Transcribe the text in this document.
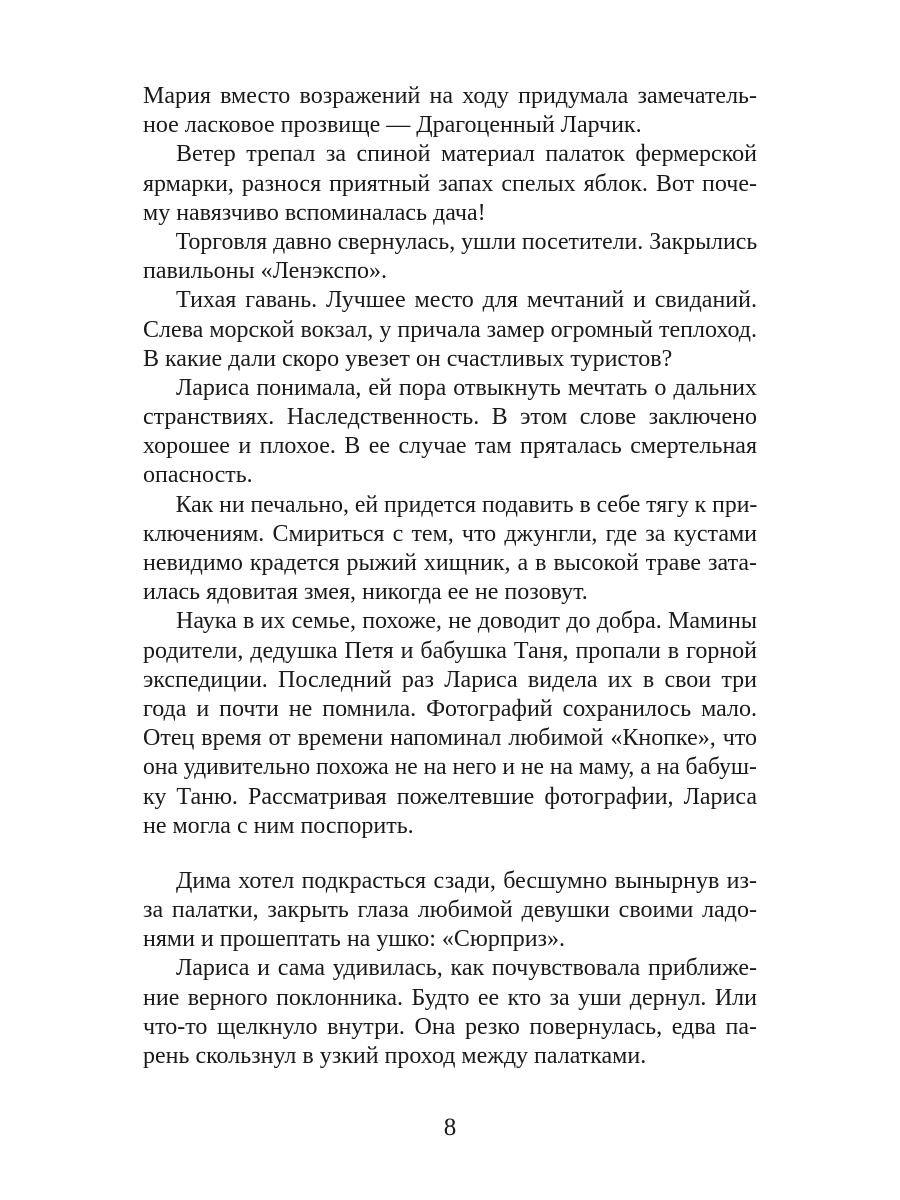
Мария вместо возражений на ходу придумала замечатель-
ное ласковое прозвище — Драгоценный Ларчик.
Ветер трепал за спиной материал палаток фермерской
ярмарки, разнося приятный запах спелых яблок. Вот поче-
му навязчиво вспоминалась дача!
Торговля давно свернулась, ушли посетители. Закрылись
павильоны «Ленэкспо».
Тихая гавань. Лучшее место для мечтаний и свиданий.
Слева морской вокзал, у причала замер огромный теплоход.
В какие дали скоро увезет он счастливых туристов?
Лариса понимала, ей пора отвыкнуть мечтать о дальних
странствиях. Наследственность. В этом слове заключено
хорошее и плохое. В ее случае там пряталась смертельная
опасность.
Как ни печально, ей придется подавить в себе тягу к при-
ключениям. Смириться с тем, что джунгли, где за кустами
невидимо крадется рыжий хищник, а в высокой траве зата-
илась ядовитая змея, никогда ее не позовут.
Наука в их семье, похоже, не доводит до добра. Мамины
родители, дедушка Петя и бабушка Таня, пропали в горной
экспедиции. Последний раз Лариса видела их в свои три
года и почти не помнила. Фотографий сохранилось мало.
Отец время от времени напоминал любимой «Кнопке», что
она удивительно похожа не на него и не на маму, а на бабуш-
ку Таню. Рассматривая пожелтевшие фотографии, Лариса
не могла с ним поспорить.
Дима хотел подкрасться сзади, бесшумно вынырнув из-
за палатки, закрыть глаза любимой девушки своими ладо-
нями и прошептать на ушко: «Сюрприз».
Лариса и сама удивилась, как почувствовала приближе-
ние верного поклонника. Будто ее кто за уши дернул. Или
что-то щелкнуло внутри. Она резко повернулась, едва па-
рень скользнул в узкий проход между палатками.
8
